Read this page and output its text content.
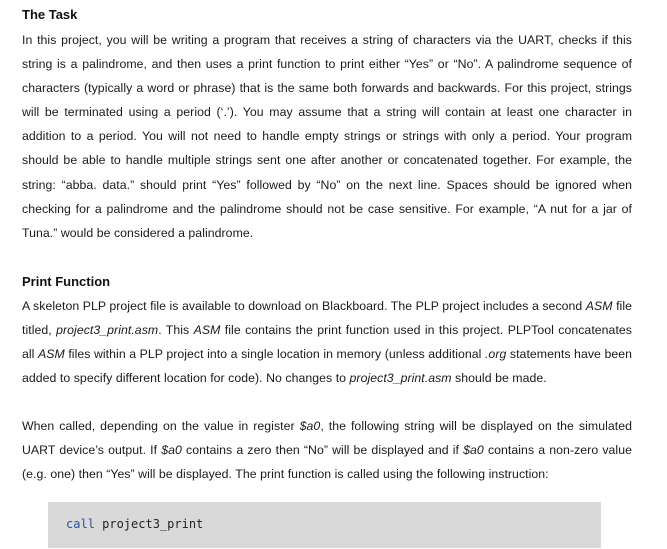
The Task

In this project, you will be writing a program that receives a string of characters via the UART, checks if this string is a palindrome, and then uses a print function to print either “Yes” or “No”. A palindrome sequence of characters (typically a word or phrase) that is the same both forwards and backwards. For this project, strings will be terminated using a period (‘.’). You may assume that a string will contain at least one character in addition to a period. You will not need to handle empty strings or strings with only a period. Your program should be able to handle multiple strings sent one after another or concatenated together. For example, the string: “abba. data.” should print “Yes” followed by “No” on the next line. Spaces should be ignored when checking for a palindrome and the palindrome should not be case sensitive. For example, “A nut for a jar of Tuna.” would be considered a palindrome.

Print Function

A skeleton PLP project file is available to download on Blackboard. The PLP project includes a second ASM file titled, project3_print.asm. This ASM file contains the print function used in this project. PLPTool concatenates all ASM files within a PLP project into a single location in memory (unless additional .org statements have been added to specify different location for code). No changes to project3_print.asm should be made.

When called, depending on the value in register $a0, the following string will be displayed on the simulated UART device’s output. If $a0 contains a zero then “No” will be displayed and if $a0 contains a non-zero value (e.g. one) then “Yes” will be displayed. The print function is called using the following instruction:

call project3_print
